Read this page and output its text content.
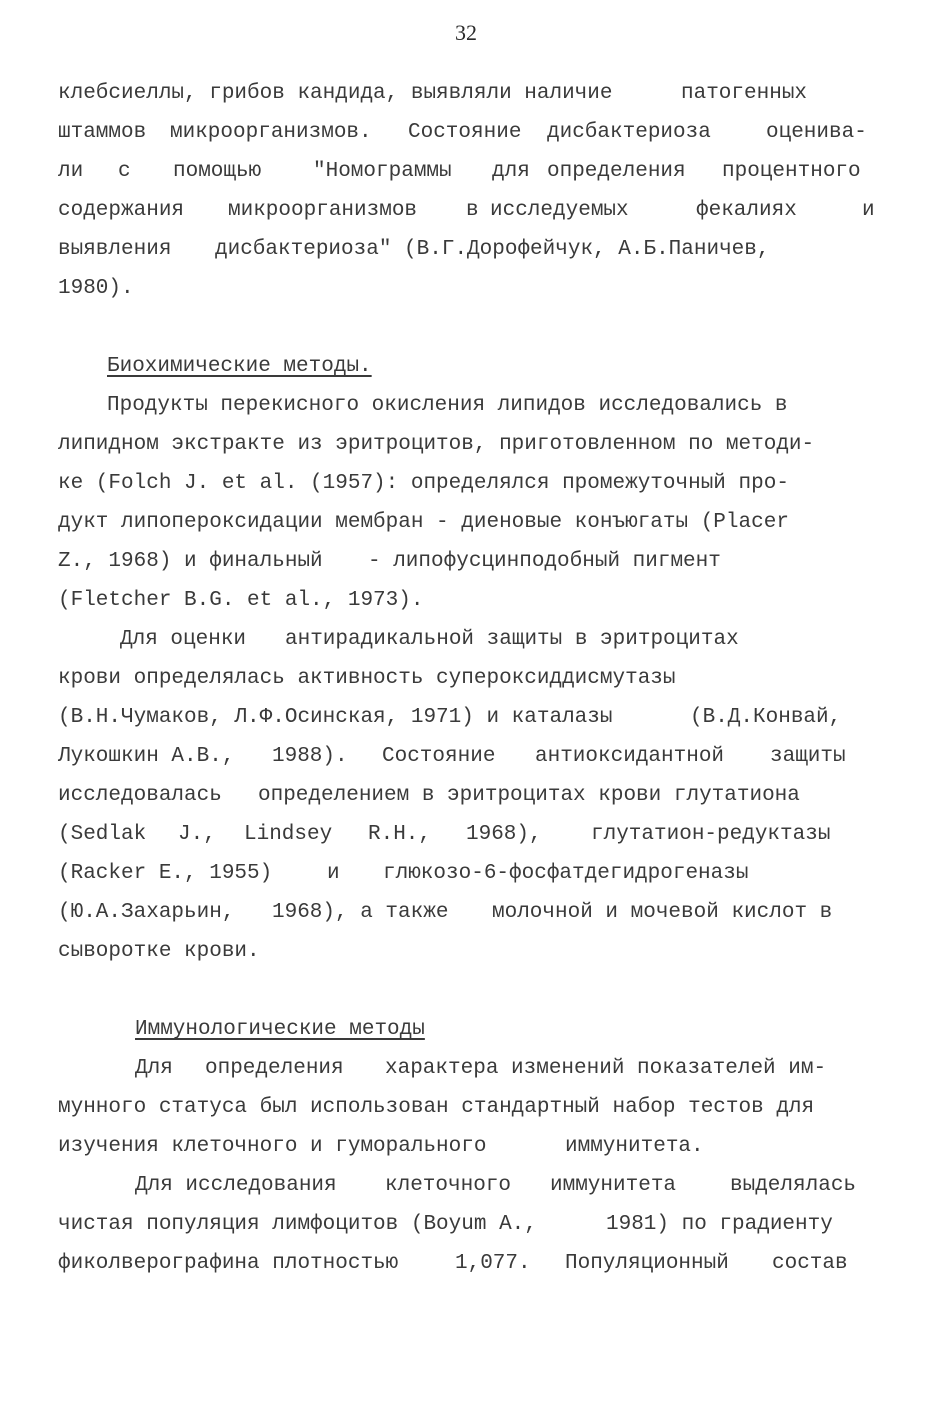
32
клебсиеллы, грибов кандида, выявляли наличие	патогенных
штаммов микроорганизмов. Состояние дисбактериоза	оценива-
ли с помощью "Номограммы для определения процентного
содержания микроорганизмов в исследуемых	фекалиях	и
выявления дисбактериоза" (В.Г.Дорофейчук, А.Б.Паничев,
1980).
Биохимические методы.
Продукты перекисного окисления липидов исследовались в
липидном экстракте из эритроцитов, приготовленном по методи-
ке (Folch J. et al. (1957): определялся промежуточный про-
дукт липопероксидации мембран - диеновые конъюгаты (Placer
Z., 1968) и финальный - липофусцинподобный пигмент
(Fletcher B.G. et al., 1973).
Для оценки антирадикальной защиты в эритроцитах
крови определялась активность супероксиддисмутазы
(В.Н.Чумаков, Л.Ф.Осинская, 1971) и каталазы	(В.Д.Конвай,
Лукошкин А.В., 1988). Состояние антиоксидантной защиты
исследовалась определением в эритроцитах крови глутатиона
(Sedlak J., Lindsey R.H., 1968), глутатион-редуктазы
(Racker E., 1955)	и глюкозо-6-фосфатдегидрогеназы
(Ю.А.Захарьин, 1968), а также молочной и мочевой кислот в
сыворотке крови.
Иммунологические методы
Для определения характера изменений показателей им-
мунного статуса был использован стандартный набор тестов для
изучения клеточного и гуморального	иммунитета.
Для исследования клеточного иммунитета	выделялась
чистая популяция лимфоцитов (Boyum A.,	1981) по градиенту
фиколверографина плотностью	1,077. Популяционный состав
